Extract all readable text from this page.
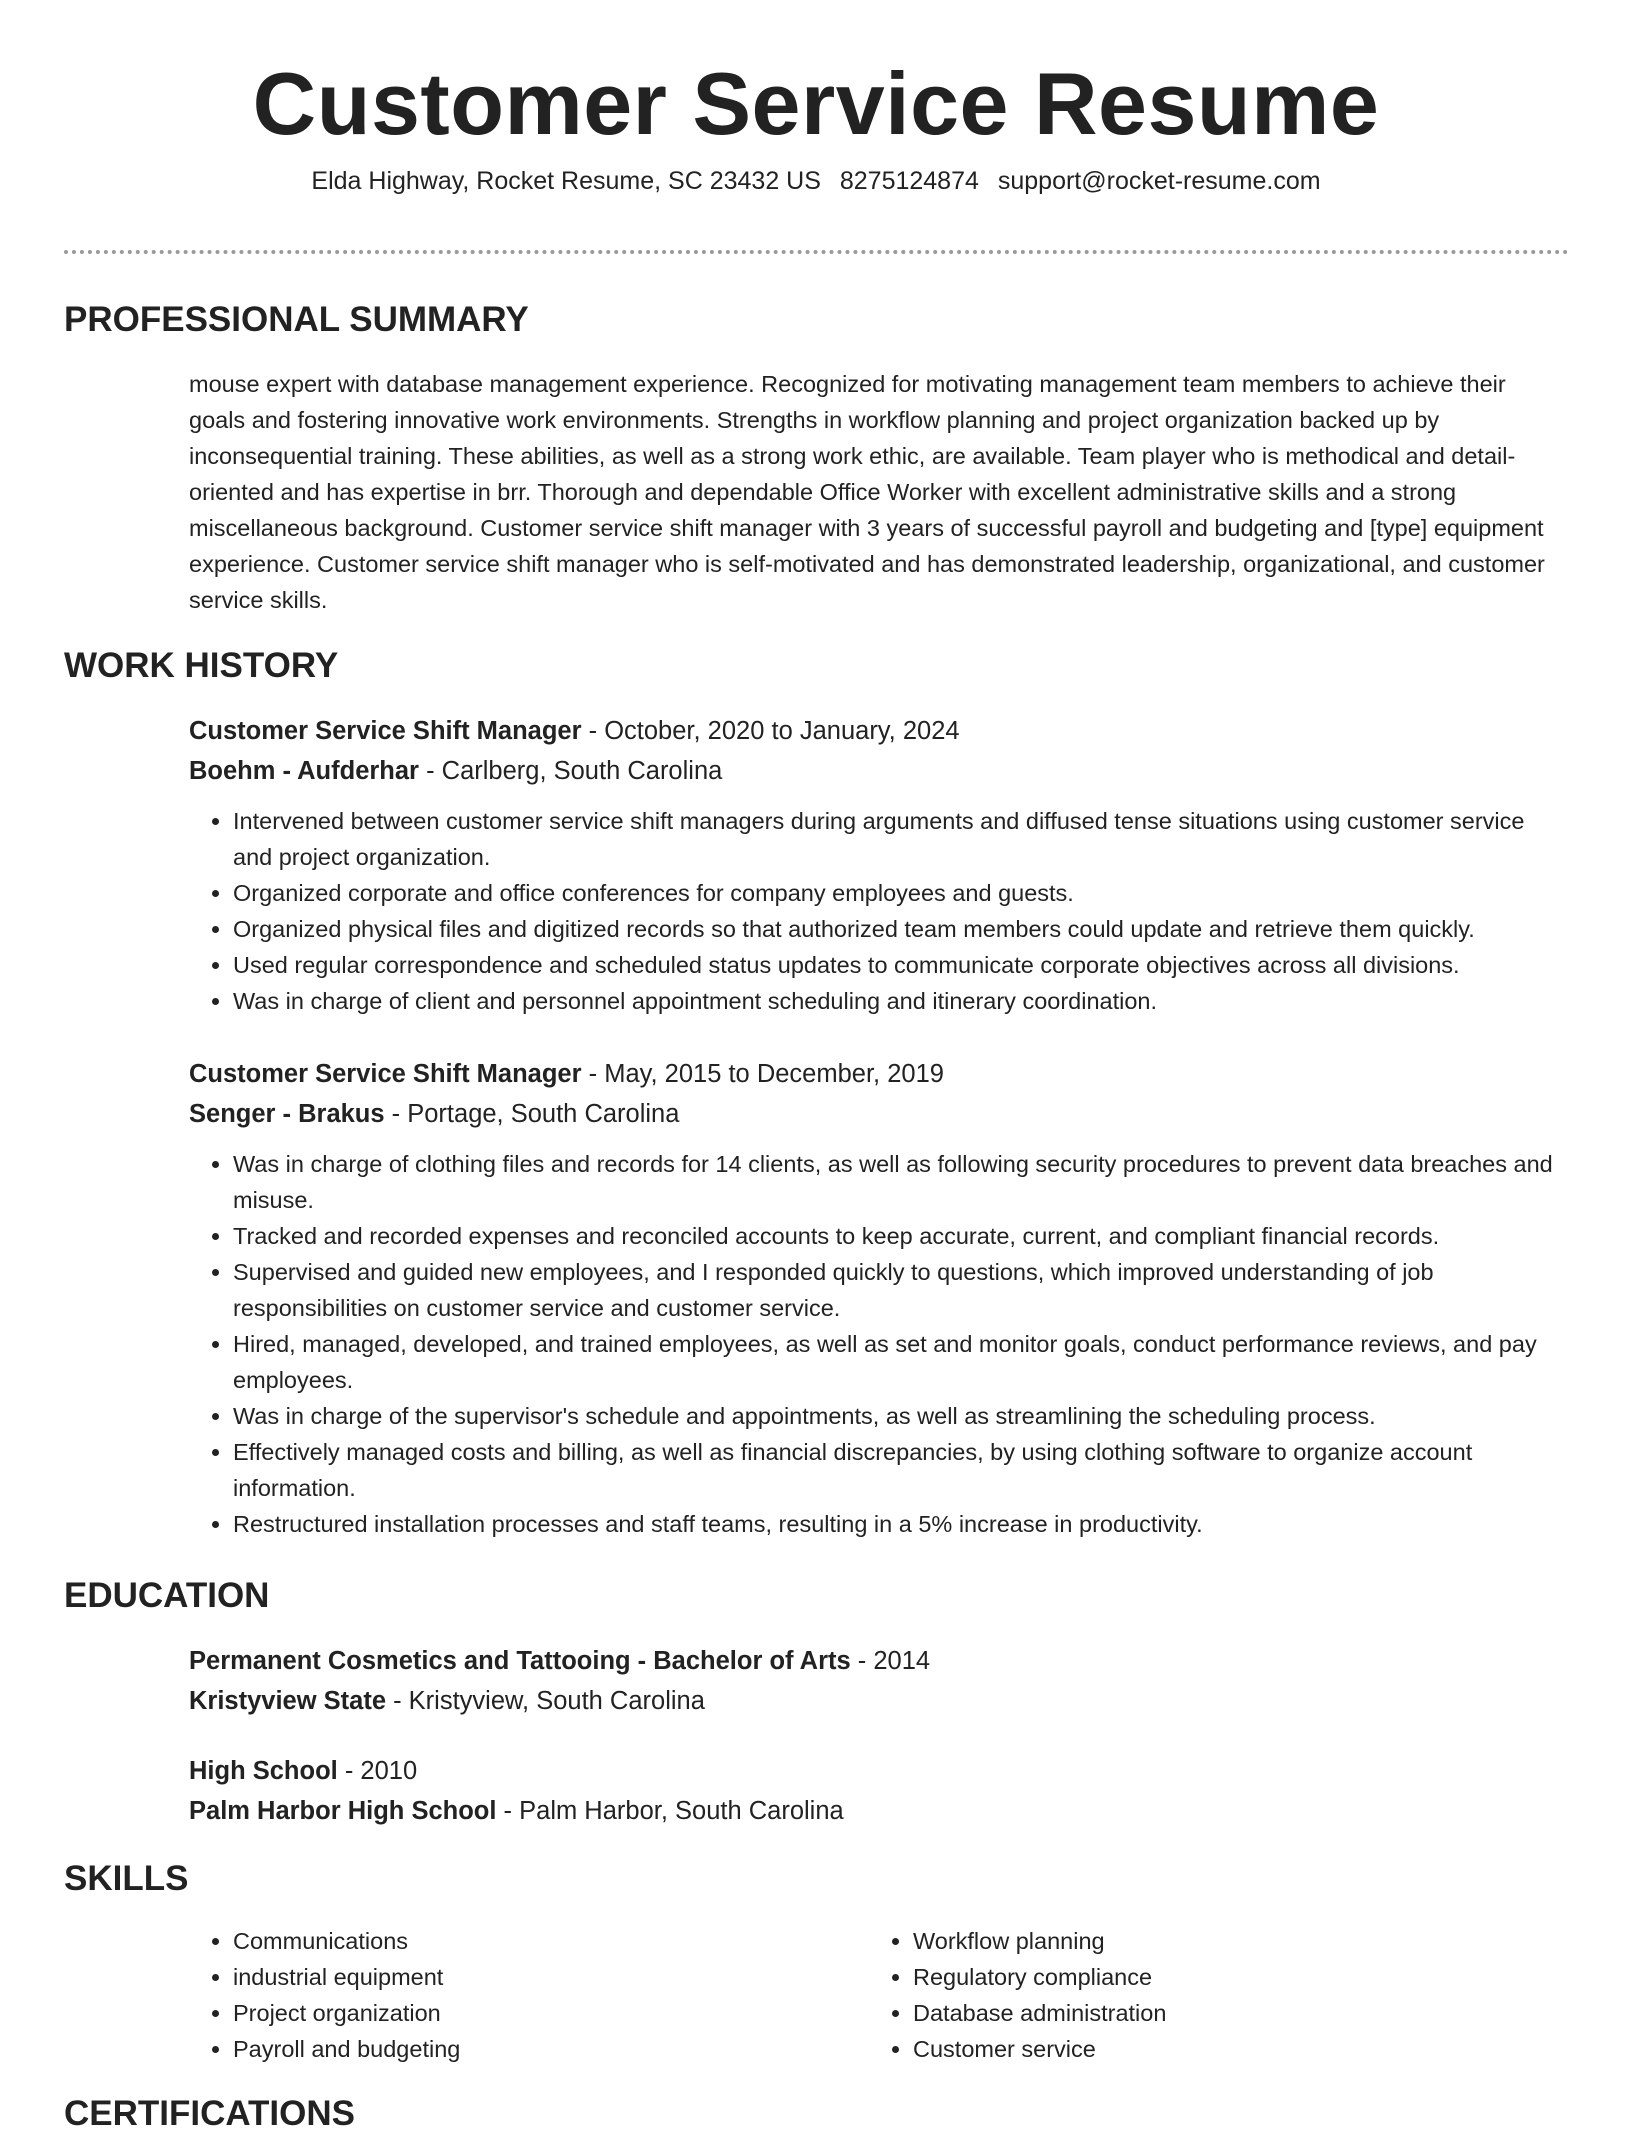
Customer Service Resume
Elda Highway, Rocket Resume, SC 23432 US 8275124874 support@rocket-resume.com
PROFESSIONAL SUMMARY

mouse expert with database management experience. Recognized for motivating management team members to achieve their goals and fostering innovative work environments. Strengths in workflow planning and project organization backed up by inconsequential training. These abilities, as well as a strong work ethic, are available. Team player who is methodical and detail-oriented and has expertise in brr. Thorough and dependable Office Worker with excellent administrative skills and a strong miscellaneous background. Customer service shift manager with 3 years of successful payroll and budgeting and [type] equipment experience. Customer service shift manager who is self-motivated and has demonstrated leadership, organizational, and customer service skills.

WORK HISTORY

Customer Service Shift Manager - October, 2020 to January, 2024

Boehm - Aufderhar - Carlberg, South Carolina

• Intervened between customer service shift managers during arguments and diffused tense situations using customer service and project organization.
• Organized corporate and office conferences for company employees and guests.
• Organized physical files and digitized records so that authorized team members could update and retrieve them quickly.
• Used regular correspondence and scheduled status updates to communicate corporate objectives across all divisions.
• Was in charge of client and personnel appointment scheduling and itinerary coordination.

Customer Service Shift Manager - May, 2015 to December, 2019

Senger - Brakus - Portage, South Carolina

• Was in charge of clothing files and records for 14 clients, as well as following security procedures to prevent data breaches and misuse.
• Tracked and recorded expenses and reconciled accounts to keep accurate, current, and compliant financial records.
• Supervised and guided new employees, and I responded quickly to questions, which improved understanding of job responsibilities on customer service and customer service.
• Hired, managed, developed, and trained employees, as well as set and monitor goals, conduct performance reviews, and pay employees.
• Was in charge of the supervisor's schedule and appointments, as well as streamlining the scheduling process.
• Effectively managed costs and billing, as well as financial discrepancies, by using clothing software to organize account information.
• Restructured installation processes and staff teams, resulting in a 5% increase in productivity.
EDUCATION

Permanent Cosmetics and Tattooing - Bachelor of Arts - 2014

Kristyview State - Kristyview, South Carolina

High School - 2010

Palm Harbor High School - Palm Harbor, South Carolina

SKILLS
• Communications
• industrial equipment
• Project organization
• Payroll and budgeting
• Workflow planning
• Regulatory compliance
• Database administration
• Customer service
CERTIFICATIONS
